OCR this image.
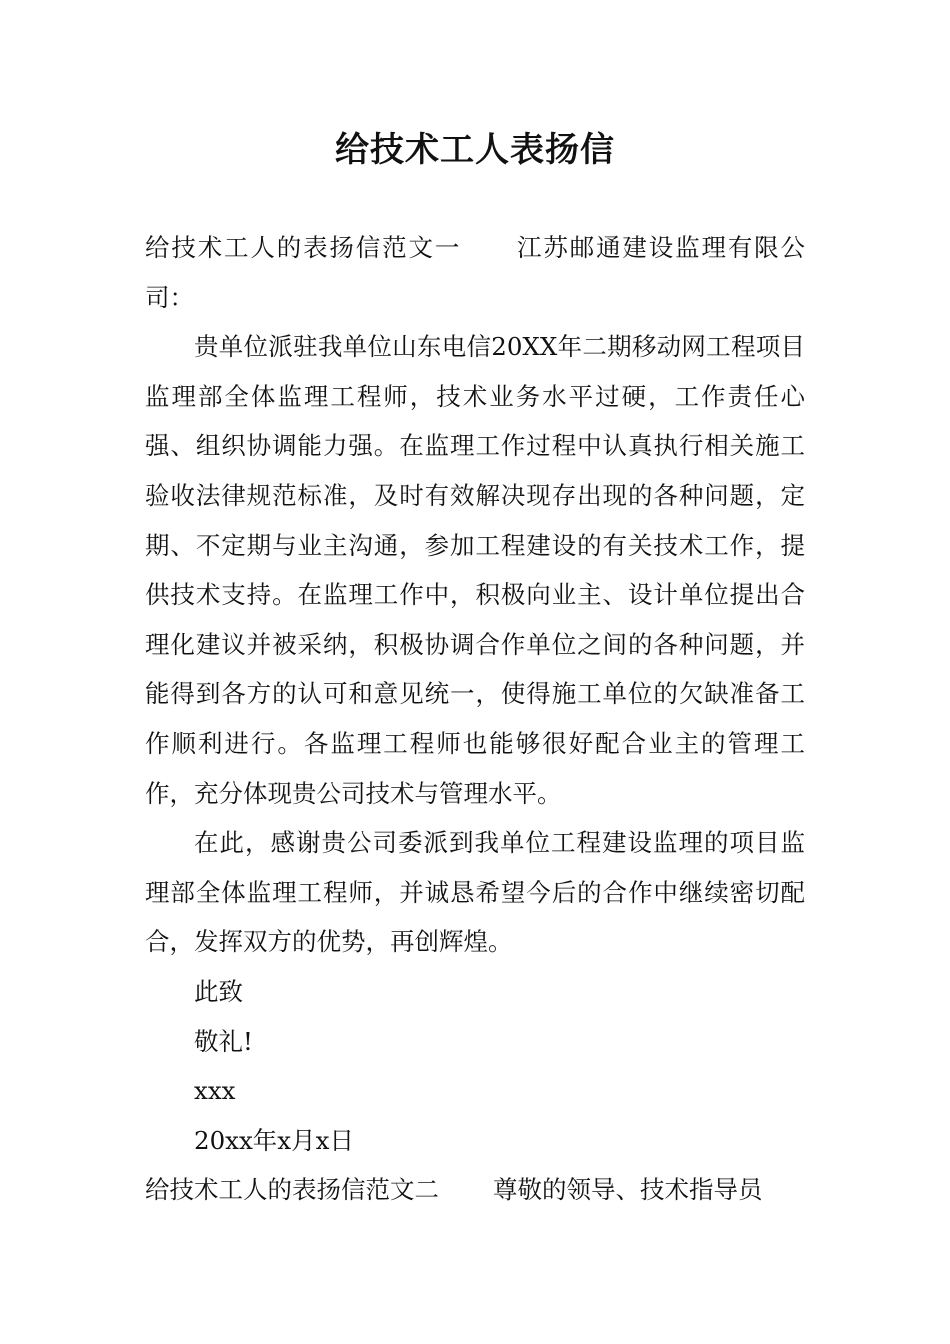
给技术工人表扬信

给技术工人的表扬信范文一 江苏邮通建设监理有限公司：

贵单位派驻我单位山东电信20XX年二期移动网工程项目监理部全体监理工程师，技术业务水平过硬，工作责任心强、组织协调能力强。在监理工作过程中认真执行相关施工验收法律规范标准，及时有效解决现存出现的各种问题，定期、不定期与业主沟通，参加工程建设的有关技术工作，提供技术支持。在监理工作中，积极向业主、设计单位提出合理化建议并被采纳，积极协调合作单位之间的各种问题，并能得到各方的认可和意见统一，使得施工单位的欠缺准备工作顺利进行。各监理工程师也能够很好配合业主的管理工作，充分体现贵公司技术与管理水平。

在此，感谢贵公司委派到我单位工程建设监理的项目监理部全体监理工程师，并诚恳希望今后的合作中继续密切配合，发挥双方的优势，再创辉煌。

此致

敬礼!

xxx

20xx年x月x日

给技术工人的表扬信范文二 尊敬的领导、技术指导员
